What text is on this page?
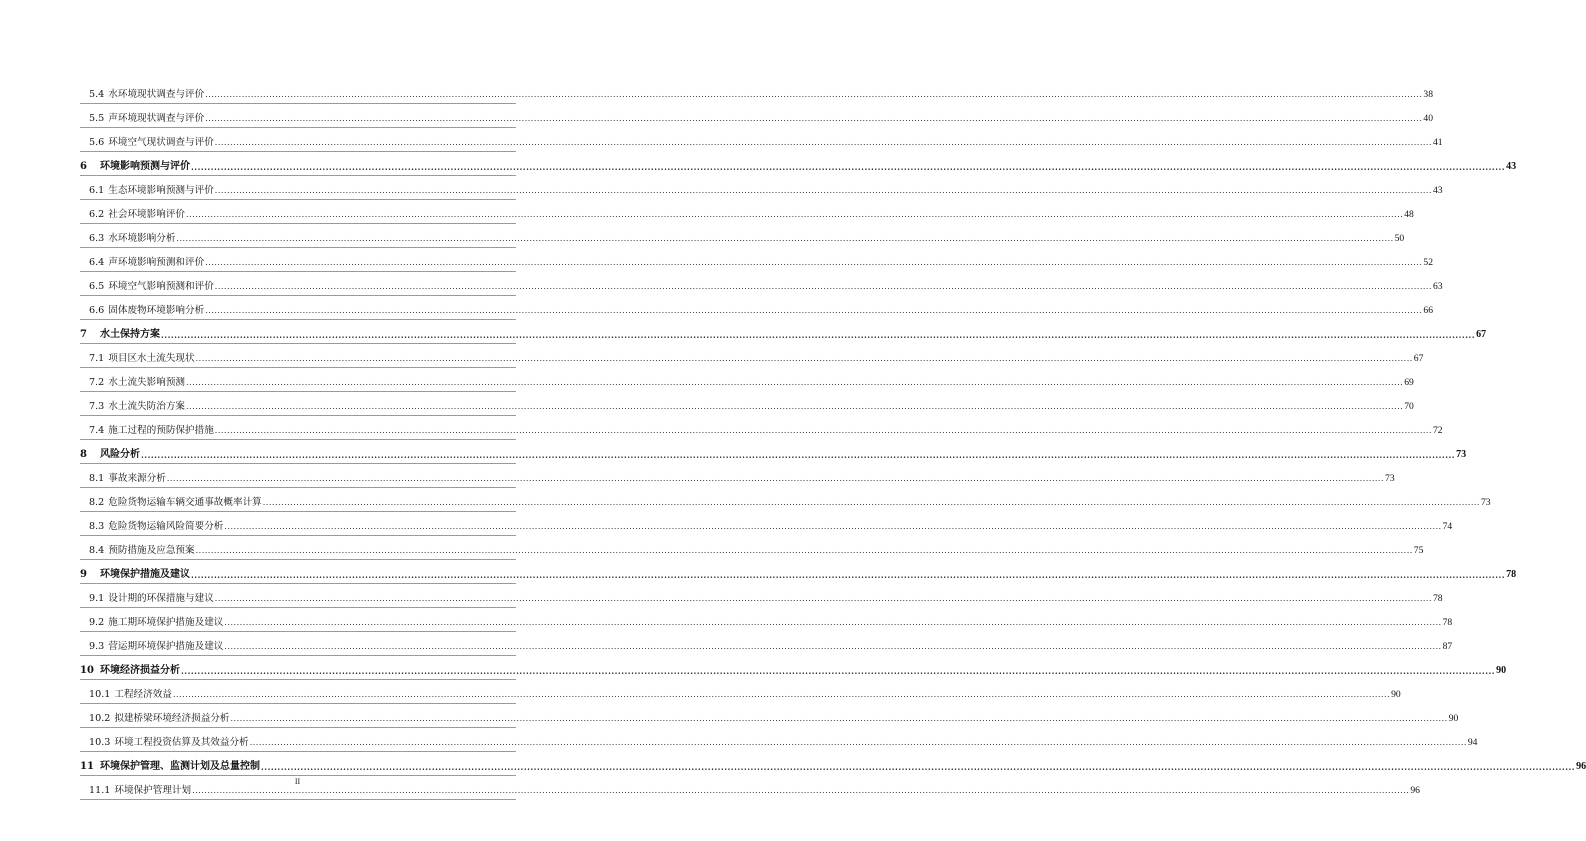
5.4 水环境现状调查与评价 ................................................................................................................................................................................................................................................................................................................................................................................................................ 38
5.5 声环境现状调查与评价 ................................................................................................................................................................................................................................................................................................................................................................................................................ 40
5.6 环境空气现状调查与评价 ................................................................................................................................................................................................................................................................................................................................................................................................................ 41
6 环境影响预测与评价 ................................................................................................................................................................................................................................................................................................................................................................................................................ 43
6.1 生态环境影响预测与评价 ................................................................................................................................................................................................................................................................................................................................................................................................................ 43
6.2 社会环境影响评价 ................................................................................................................................................................................................................................................................................................................................................................................................................ 48
6.3 水环境影响分析 ................................................................................................................................................................................................................................................................................................................................................................................................................ 50
6.4 声环境影响预测和评价 ................................................................................................................................................................................................................................................................................................................................................................................................................ 52
6.5 环境空气影响预测和评价 ................................................................................................................................................................................................................................................................................................................................................................................................................ 63
6.6 固体废物环境影响分析 ................................................................................................................................................................................................................................................................................................................................................................................................................ 66
7 水土保持方案 ................................................................................................................................................................................................................................................................................................................................................................................................................ 67
7.1 项目区水土流失现状 ................................................................................................................................................................................................................................................................................................................................................................................................................ 67
7.2 水土流失影响预测 ................................................................................................................................................................................................................................................................................................................................................................................................................ 69
7.3 水土流失防治方案 ................................................................................................................................................................................................................................................................................................................................................................................................................ 70
7.4 施工过程的预防保护措施 ................................................................................................................................................................................................................................................................................................................................................................................................................ 72
8 风险分析 ................................................................................................................................................................................................................................................................................................................................................................................................................ 73
8.1 事故来源分析 ................................................................................................................................................................................................................................................................................................................................................................................................................ 73
8.2 危险货物运输车辆交通事故概率计算 ................................................................................................................................................................................................................................................................................................................................................................................................................ 73
8.3 危险货物运输风险简要分析 ................................................................................................................................................................................................................................................................................................................................................................................................................ 74
8.4 预防措施及应急预案 ................................................................................................................................................................................................................................................................................................................................................................................................................ 75
9 环境保护措施及建议 ................................................................................................................................................................................................................................................................................................................................................................................................................ 78
9.1 设计期的环保措施与建议 ................................................................................................................................................................................................................................................................................................................................................................................................................ 78
9.2 施工期环境保护措施及建议 ................................................................................................................................................................................................................................................................................................................................................................................................................ 78
9.3 营运期环境保护措施及建议 ................................................................................................................................................................................................................................................................................................................................................................................................................ 87
10 环境经济损益分析 ................................................................................................................................................................................................................................................................................................................................................................................................................ 90
10.1 工程经济效益 ................................................................................................................................................................................................................................................................................................................................................................................................................ 90
10.2 拟建桥梁环境经济损益分析 ................................................................................................................................................................................................................................................................................................................................................................................................................ 90
10.3 环境工程投资估算及其效益分析 ................................................................................................................................................................................................................................................................................................................................................................................................................ 94
11 环境保护管理、监测计划及总量控制 ................................................................................................................................................................................................................................................................................................................................................................................................................ 96
11.1 环境保护管理计划 ................................................................................................................................................................................................................................................................................................................................................................................................................ 96
II
